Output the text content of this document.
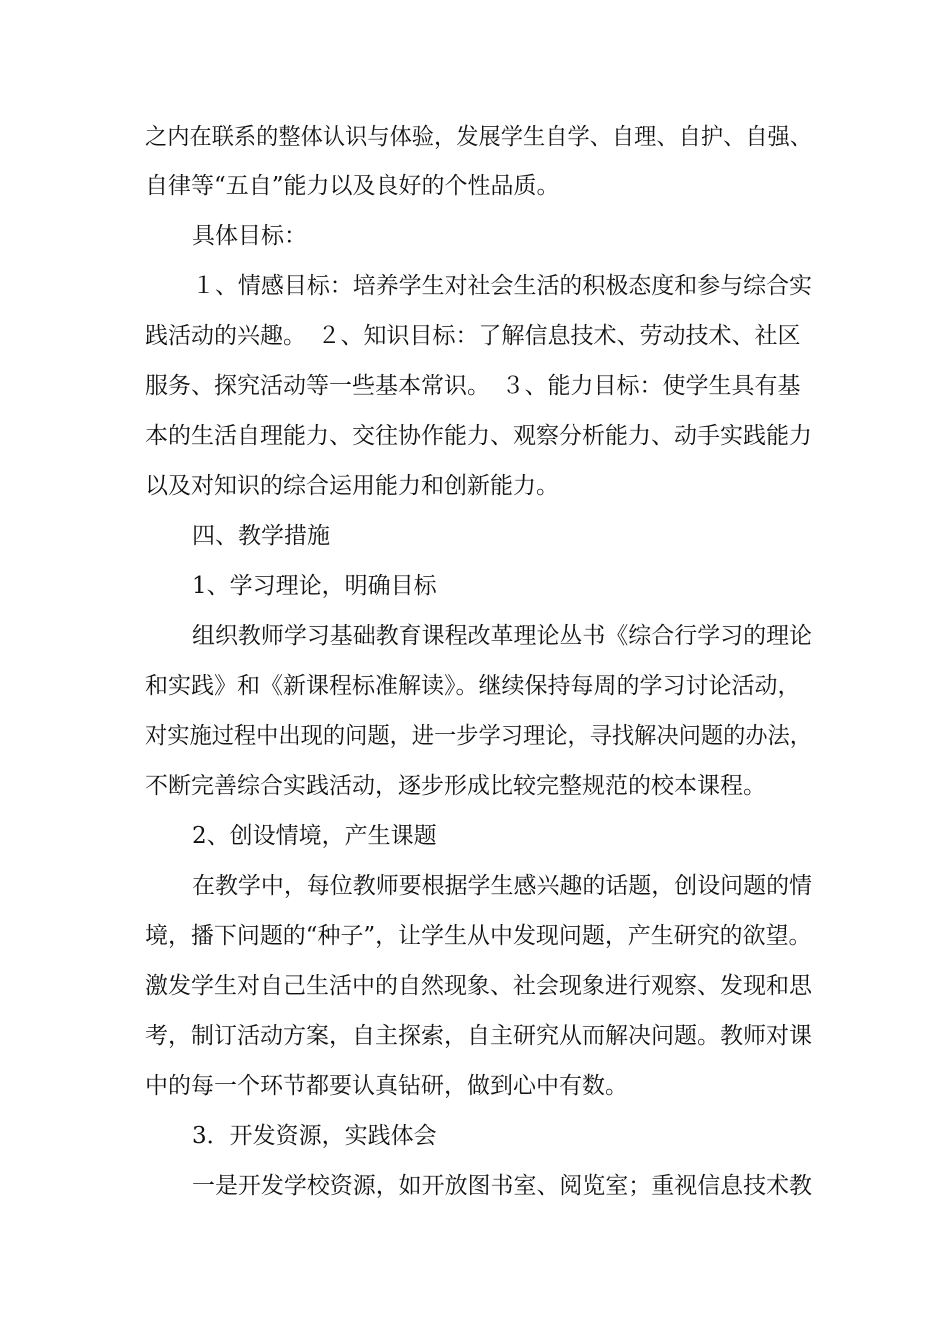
之内在联系的整体认识与体验，发展学生自学、自理、自护、自强、
自律等“五自”能力以及良好的个性品质。
具体目标：
１、情感目标：培养学生对社会生活的积极态度和参与综合实
践活动的兴趣。　２、知识目标：了解信息技术、劳动技术、社区
服务、探究活动等一些基本常识。　３、能力目标：使学生具有基
本的生活自理能力、交往协作能力、观察分析能力、动手实践能力
以及对知识的综合运用能力和创新能力。
四、教学措施
1、学习理论，明确目标
组织教师学习基础教育课程改革理论丛书《综合行学习的理论
和实践》和《新课程标准解读》。继续保持每周的学习讨论活动，
对实施过程中出现的问题，进一步学习理论，寻找解决问题的办法，
不断完善综合实践活动，逐步形成比较完整规范的校本课程。
2、创设情境，产生课题
在教学中，每位教师要根据学生感兴趣的话题，创设问题的情
境，播下问题的“种子”，让学生从中发现问题，产生研究的欲望。
激发学生对自己生活中的自然现象、社会现象进行观察、发现和思
考，制订活动方案，自主探索，自主研究从而解决问题。教师对课
中的每一个环节都要认真钻研，做到心中有数。
3．开发资源，实践体会
一是开发学校资源，如开放图书室、阅览室；重视信息技术教
